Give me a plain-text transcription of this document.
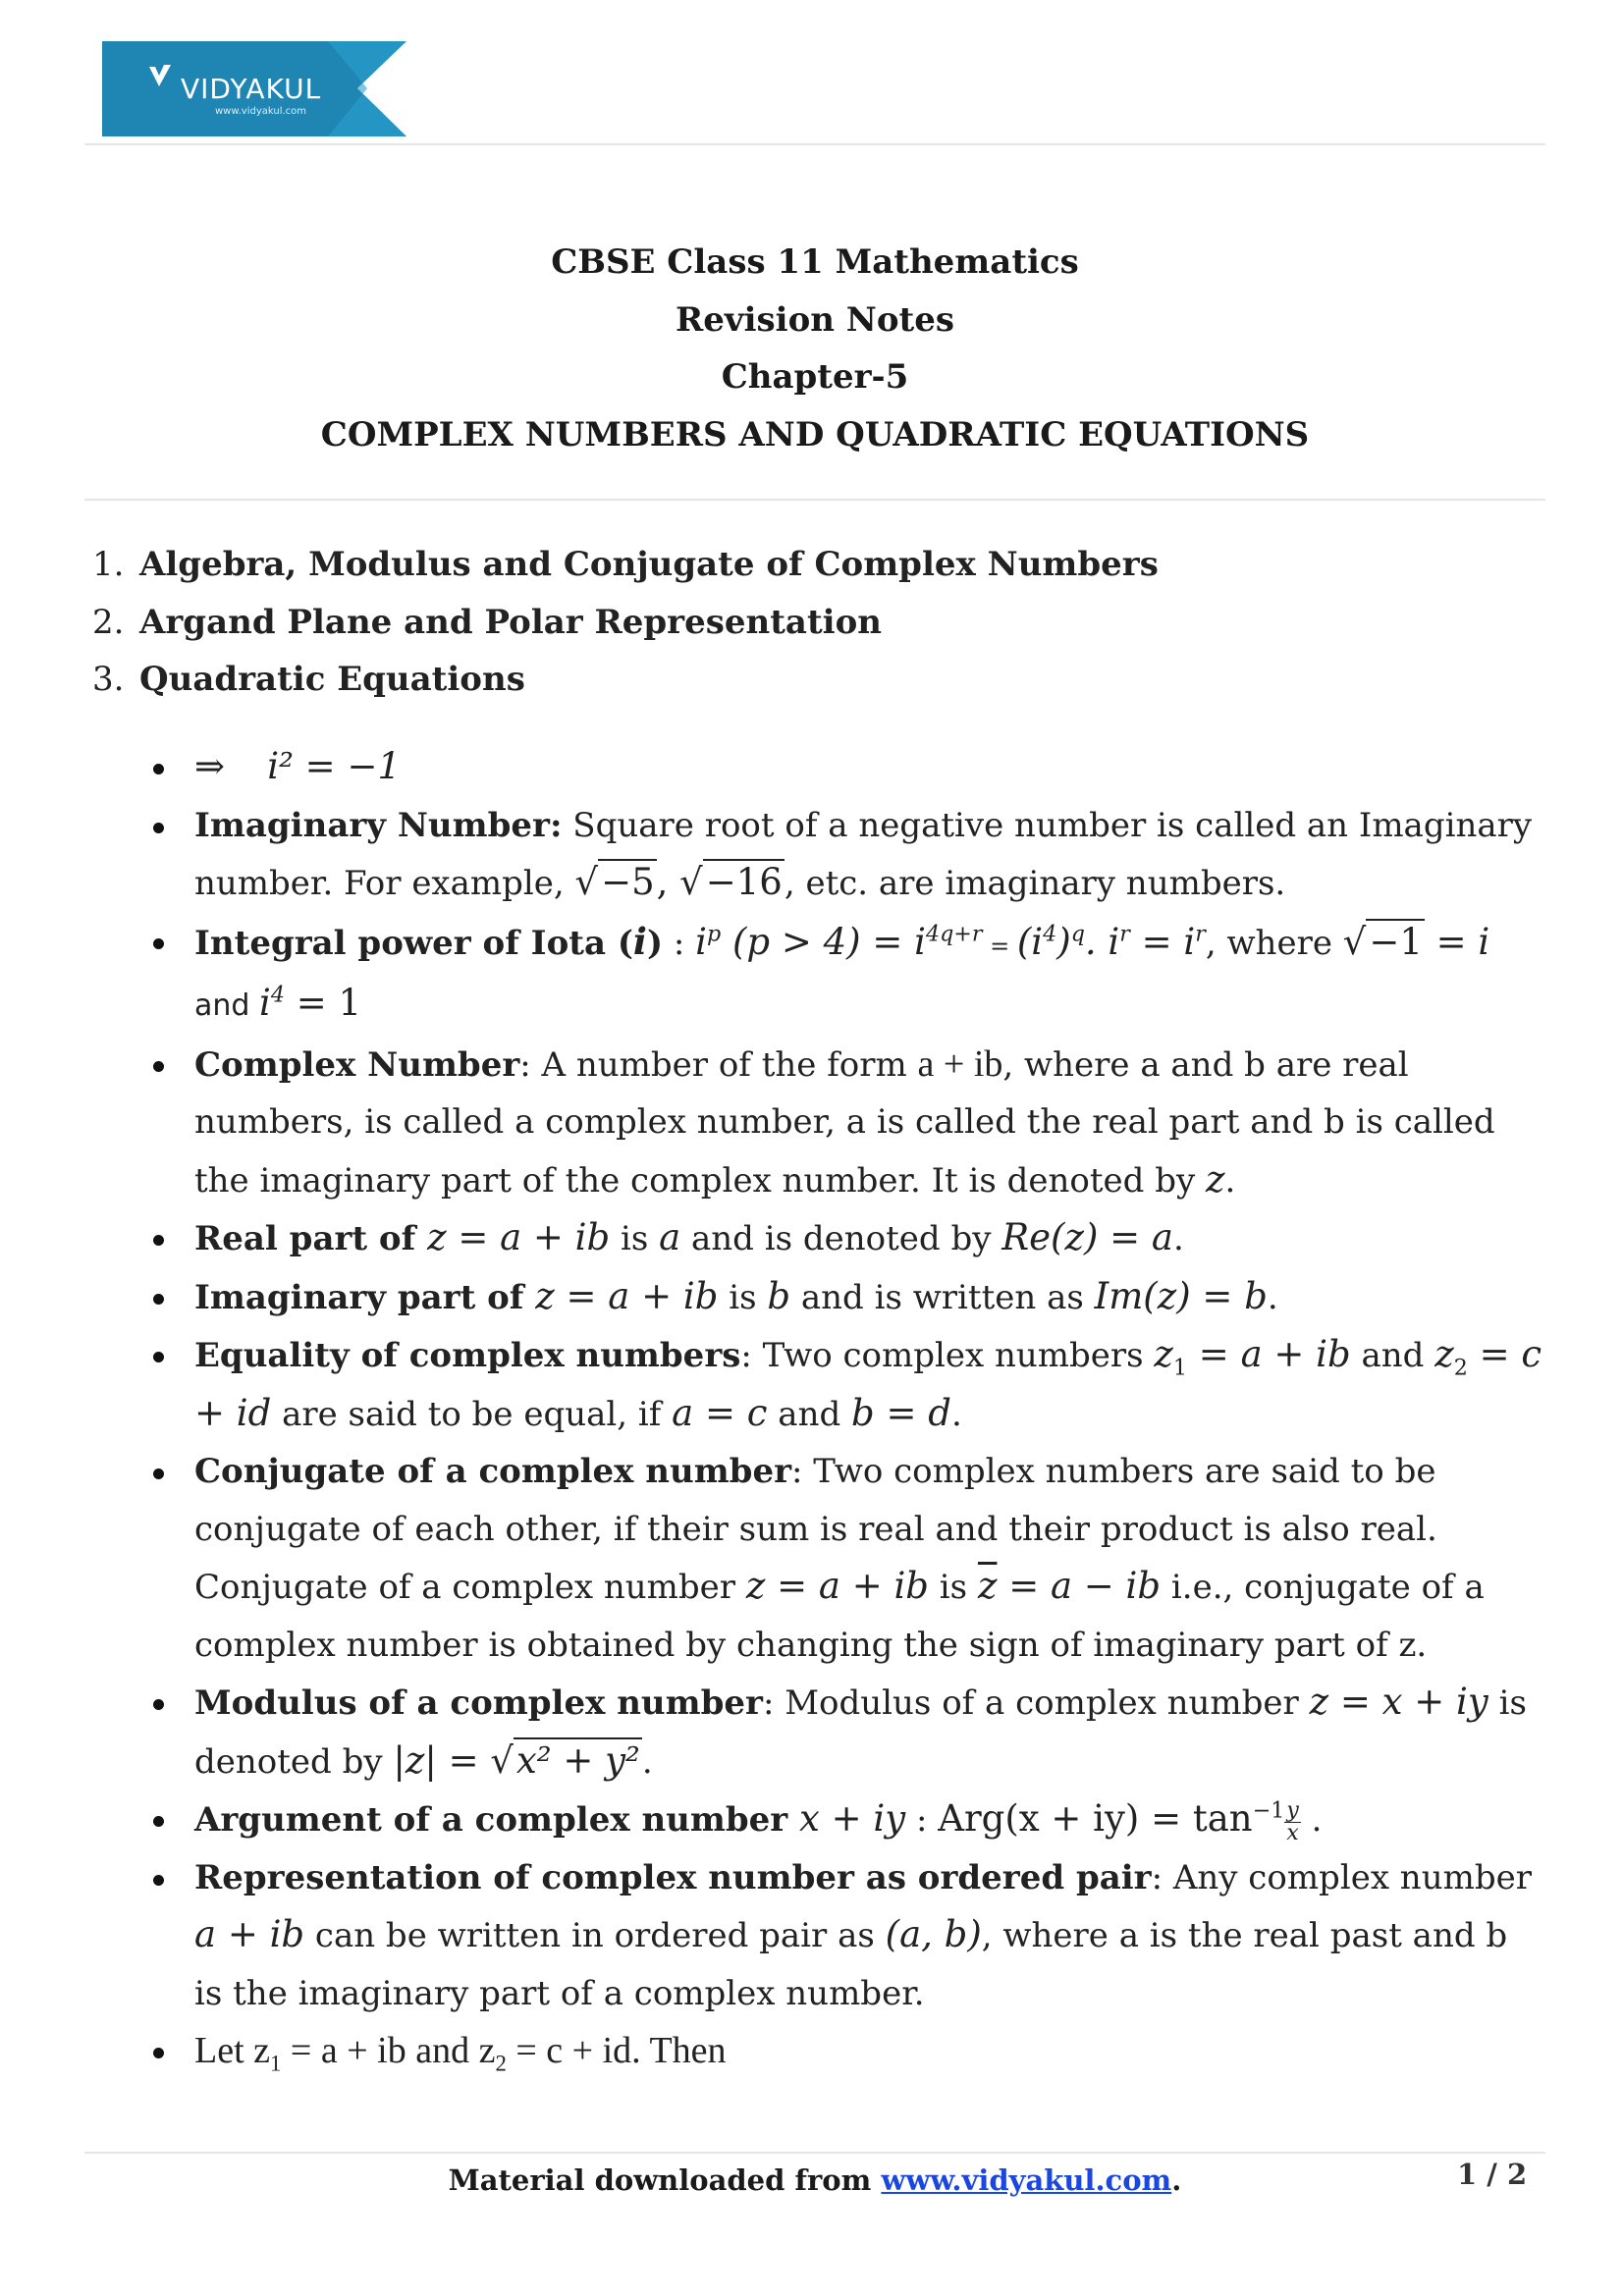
VIDYAKUL
www.vidyakul.com
CBSE Class 11 Mathematics
Revision Notes
Chapter-5
COMPLEX NUMBERS AND QUADRATIC EQUATIONS
1. Algebra, Modulus and Conjugate of Complex Numbers
2. Argand Plane and Polar Representation
3. Quadratic Equations

⇒ i² = −1

Imaginary Number: Square root of a negative number is called an Imaginary number. For example, √−5, √−16, etc. are imaginary numbers.

Integral power of Iota (i) : $i^p$ $(p > 4) = i^{4q+r} = (i^4)^q$. $i^r = i^r$, where √−1 = i and $i^4 = 1$

Complex Number: A number of the form a + ib, where a and b are real numbers, is called a complex number, a is called the real part and b is called the imaginary part of the complex number. It is denoted by z.

Real part of z = a + ib is a and is denoted by Re(z) = a.

Imaginary part of z = a + ib is b and is written as Im(z) = b.

Equality of complex numbers: Two complex numbers $z_1 = a$ + ib and $z_2 = c$ + id are said to be equal, if a = c and b = d.

Conjugate of a complex number: Two complex numbers are said to be conjugate of each other, if their sum is real and their product is also real. Conjugate of a complex number z = a + ib is $\overline{z} = a$ − ib i.e., conjugate of a complex number is obtained by changing the sign of imaginary part of z.

Modulus of a complex number: Modulus of a complex number z = x + iy is denoted by |z| = √x² + y².

Argument of a complex number x + iy : $Arg(x + iy) = \tan^{-1} \frac{y}{x}$ .

Representation of complex number as ordered pair: Any complex number a + ib can be written in ordered pair as (a, b), where a is the real past and b is the imaginary part of a complex number.

Let $z_1 = a$ + ib and $z_2 = c$ + id. Then

Material downloaded from www.vidyakul.com.	1 / 2
